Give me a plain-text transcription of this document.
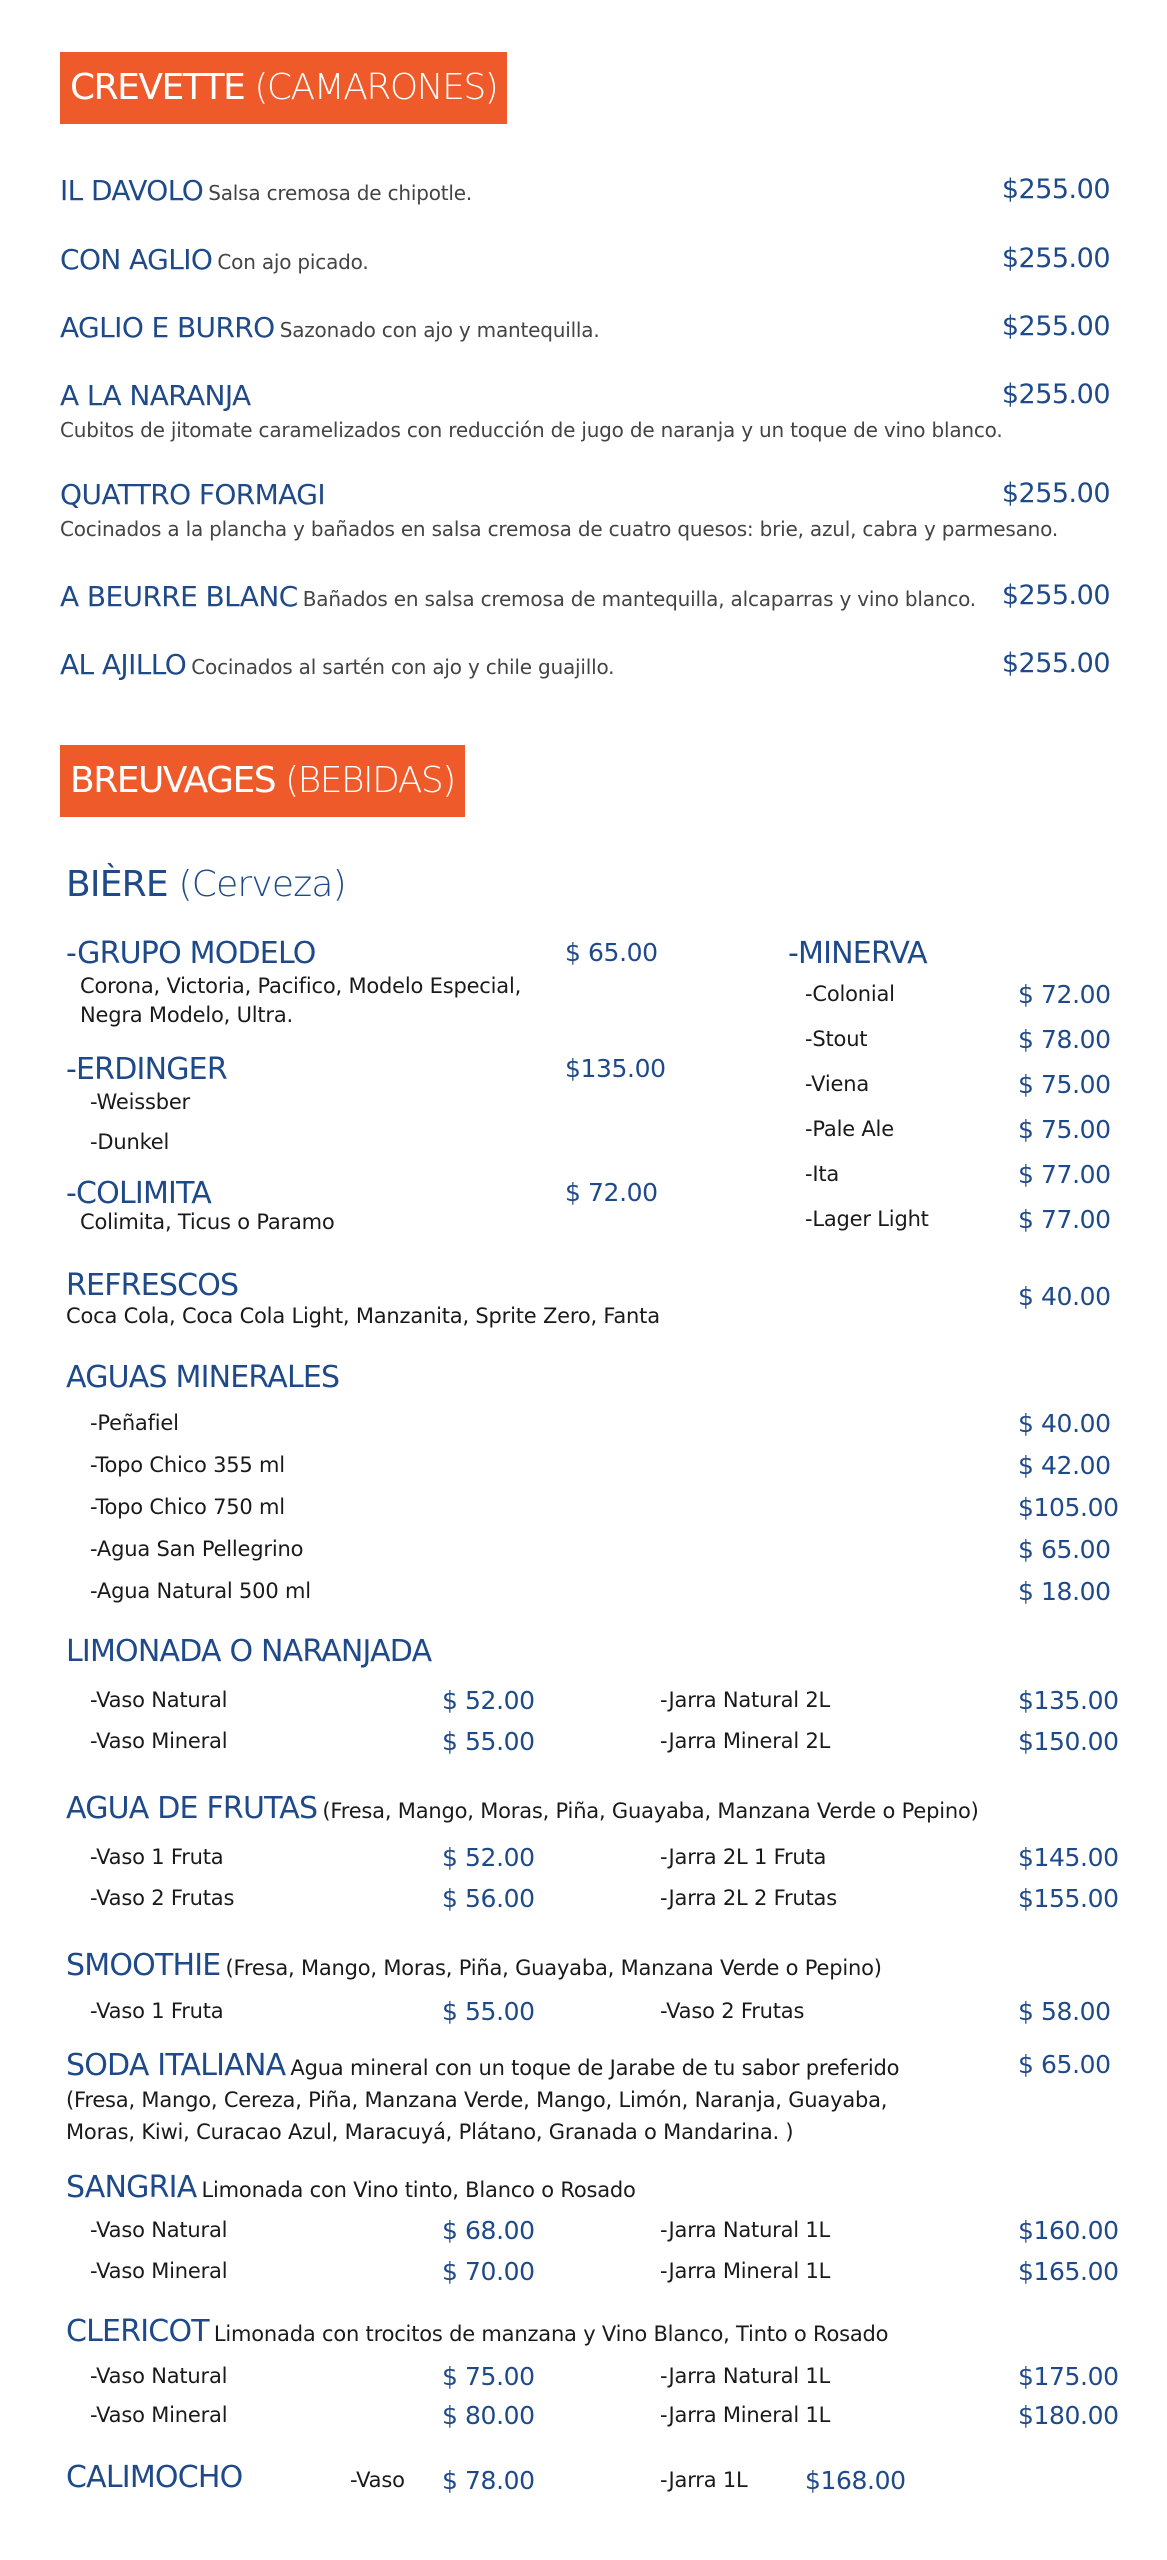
CREVETTE (CAMARONES)
IL DAVOLO Salsa cremosa de chipotle.	$255.00
CON AGLIO Con ajo picado.	$255.00
AGLIO E BURRO Sazonado con ajo y mantequilla.	$255.00
A LA NARANJA
Cubitos de jitomate caramelizados con reducción de jugo de naranja y un toque de vino blanco.
$255.00
QUATTRO FORMAGI
Cocinados a la plancha y bañados en salsa cremosa de cuatro quesos: brie, azul, cabra y parmesano.
$255.00
A BEURRE BLANC Bañados en salsa cremosa de mantequilla, alcaparras y vino blanco. $255.00
AL AJILLO Cocinados al sartén con ajo y chile guajillo.	$255.00
BREUVAGES (BEBIDAS)
BIÈRE (Cerveza)
-GRUPO MODELO	$ 65.00
Corona, Victoria, Pacifico, Modelo Especial,
Negra Modelo, Ultra.
-ERDINGER	$135.00
-Weissber
-Dunkel
-COLIMITA	$ 72.00
Colimita, Ticus o Paramo
-MINERVA
-Colonial	$ 72.00
-Stout	$ 78.00
-Viena	$ 75.00
-Pale Ale	$ 75.00
-Ita	$ 77.00
-Lager Light	$ 77.00
REFRESCOS
Coca Cola, Coca Cola Light, Manzanita, Sprite Zero, Fanta
$ 40.00
AGUAS MINERALES
-Peñafiel	$ 40.00
-Topo Chico 355 ml	$ 42.00
-Topo Chico 750 ml	$105.00
-Agua San Pellegrino	$ 65.00
-Agua Natural 500 ml	$ 18.00
LIMONADA O NARANJADA
-Vaso Natural	$ 52.00	-Jarra Natural 2L	$135.00
-Vaso Mineral	$ 55.00	-Jarra Mineral 2L	$150.00
AGUA DE FRUTAS (Fresa, Mango, Moras, Piña, Guayaba, Manzana Verde o Pepino)
-Vaso 1 Fruta	$ 52.00	-Jarra 2L 1 Fruta	$145.00
-Vaso 2 Frutas	$ 56.00	-Jarra 2L 2 Frutas	$155.00
SMOOTHIE (Fresa, Mango, Moras, Piña, Guayaba, Manzana Verde o Pepino)
-Vaso 1 Fruta	$ 55.00	-Vaso 2 Frutas	$ 58.00
SODA ITALIANA Agua mineral con un toque de Jarabe de tu sabor preferido	$ 65.00
(Fresa, Mango, Cereza, Piña, Manzana Verde, Mango, Limón, Naranja, Guayaba,
Moras, Kiwi, Curacao Azul, Maracuyá, Plátano, Granada o Mandarina. )
SANGRIA Limonada con Vino tinto, Blanco o Rosado
-Vaso Natural	$ 68.00	-Jarra Natural 1L	$160.00
-Vaso Mineral	$ 70.00	-Jarra Mineral 1L	$165.00
CLERICOT Limonada con trocitos de manzana y Vino Blanco, Tinto o Rosado
-Vaso Natural	$ 75.00	-Jarra Natural 1L	$175.00
-Vaso Mineral	$ 80.00	-Jarra Mineral 1L	$180.00
CALIMOCHO	-Vaso $ 78.00	-Jarra 1L $168.00
